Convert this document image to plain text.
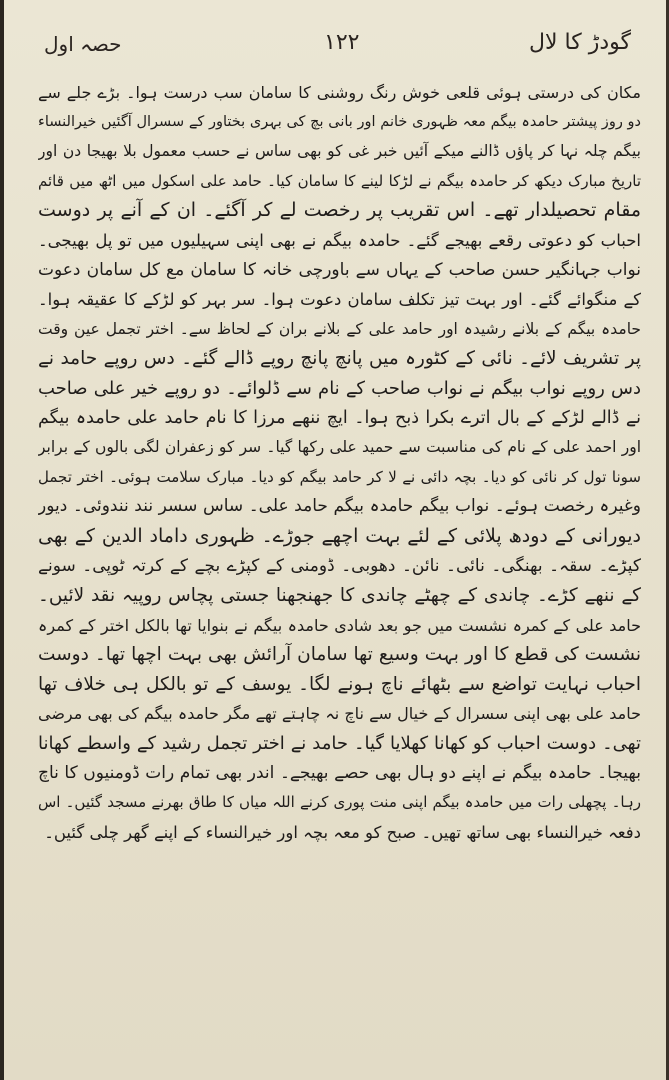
حصہ اول	۱۲۲	گودڑ کا لال
مکان کی درستی ہوئی قلعی خوش رنگ روشنی کا سامان سب درست ہوا۔ بڑے جلے سے
دو روز پیشتر حامدہ بیگم معہ ظہوری خانم اور بانی بچ کی بہری بختاور کے سسرال آگئیں خیرالنساء
بیگم چلہ نہا کر پاؤں ڈالنے میکے آئیں خبر غی کو بھی ساس نے حسب معمول بلا بھیجا دن اور
تاریخ مبارک دیکھ کر حامدہ بیگم نے لڑکا لینے کا سامان کیا۔ حامد علی اسکول میں اٹھ میں قائم
مقام تحصیلدار تھے۔ اس تقریب پر رخصت لے کر آگئے۔ ان کے آنے پر دوست
احباب کو دعوتی رقعے بھیجے گئے۔ حامدہ بیگم نے بھی اپنی سہیلیوں میں تو پل بھیجی۔
نواب جہانگیر حسن صاحب کے یہاں سے باورچی خانہ کا سامان مع کل سامان دعوت
کے منگوائے گئے۔ اور بہت تیز تکلف سامان دعوت ہوا۔ سر بہر کو لڑکے کا عقیقہ ہوا۔
حامدہ بیگم کے بلانے رشیدہ اور حامد علی کے بلانے بران کے لحاظ سے۔ اختر تجمل عین وقت
پر تشریف لائے۔ نائی کے کٹورہ میں پانچ پانچ روپے ڈالے گئے۔ دس روپے حامد نے
دس روپے نواب بیگم نے نواب صاحب کے نام سے ڈلوائے۔ دو روپے خیر علی صاحب
نے ڈالے لڑکے کے بال اترے بکرا ذبح ہوا۔ ایچ ننھے مرزا کا نام حامد علی حامدہ بیگم
اور احمد علی کے نام کی مناسبت سے حمید علی رکھا گیا۔ سر کو زعفران لگی بالوں کے برابر
سونا تول کر نائی کو دیا۔ بچہ دائی نے لا کر حامد بیگم کو دیا۔ مبارک سلامت ہوئی۔ اختر تجمل
وغیرہ رخصت ہوئے۔ نواب بیگم حامدہ بیگم حامد علی۔ ساس سسر نند نندوئی۔ دیور
دیورانی کے دودھ پلائی کے لئے بہت اچھے جوڑے۔ ظہوری داماد الدین کے بھی
کپڑے۔ سقہ۔ بھنگی۔ نائی۔ نائن۔ دھوبی۔ ڈومنی کے کپڑے بچے کے کرتہ ٹوپی۔ سونے
کے ننھے کڑے۔ چاندی کے چھٹے چاندی کا جھنجھنا جستی پچاس روپیہ نقد لائیں۔
حامد علی کے کمرہ نشست میں جو بعد شادی حامدہ بیگم نے بنوایا تھا بالکل اختر کے کمرہ
نشست کی قطع کا اور بہت وسیع تھا سامان آرائش بھی بہت اچھا تھا۔ دوست
احباب نہایت تواضع سے بٹھائے ناچ ہونے لگا۔ یوسف کے تو بالکل ہی خلاف تھا
حامد علی بھی اپنی سسرال کے خیال سے ناچ نہ چاہتے تھے مگر حامدہ بیگم کی بھی مرضی
تھی۔ دوست احباب کو کھانا کھلایا گیا۔ حامد نے اختر تجمل رشید کے واسطے کھانا
بھیجا۔ حامدہ بیگم نے اپنے دو ہال بھی حصے بھیجے۔ اندر بھی تمام رات ڈومنیوں کا ناچ
رہا۔ پچھلی رات میں حامدہ بیگم اپنی منت پوری کرنے اللہ میاں کا طاق بھرنے مسجد گئیں۔ اس
دفعہ خیرالنساء بھی ساتھ تھیں۔ صبح کو معہ بچہ اور خیرالنساء کے اپنے گھر چلی گئیں۔
